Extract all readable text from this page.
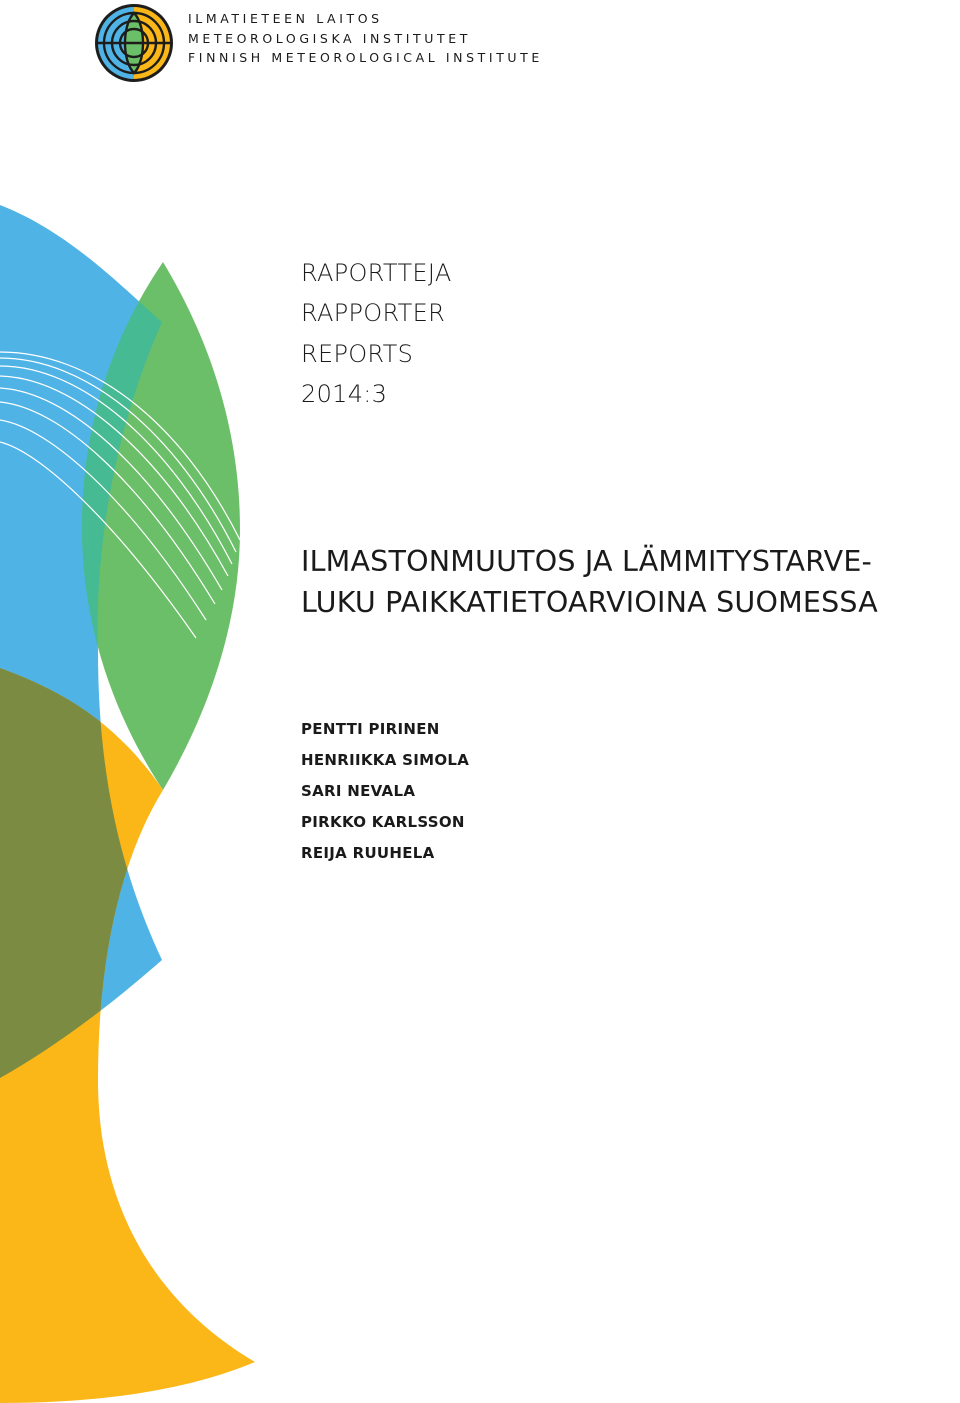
ILMATIETEEN LAITOS
METEOROLOGISKA INSTITUTET
FINNISH METEOROLOGICAL INSTITUTE
RAPORTTEJA
RAPPORTER
REPORTS
2014:3
ILMASTONMUUTOS JA LÄMMITYSTARVE-
LUKU PAIKKATIETOARVIOINA SUOMESSA
PENTTI PIRINEN
HENRIIKKA SIMOLA
SARI NEVALA
PIRKKO KARLSSON
REIJA RUUHELA
